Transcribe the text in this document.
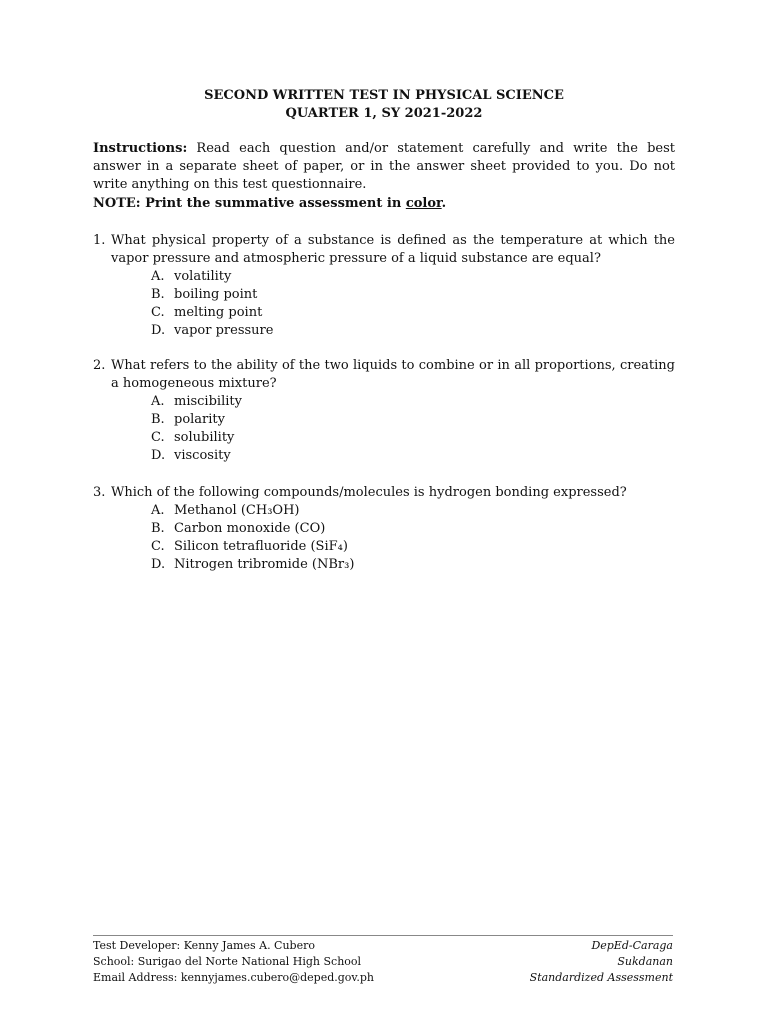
SECOND WRITTEN TEST IN PHYSICAL SCIENCE
QUARTER 1, SY 2021-2022
Instructions: Read each question and/or statement carefully and write the best answer in a separate sheet of paper, or in the answer sheet provided to you. Do not write anything on this test questionnaire.
NOTE: Print the summative assessment in color.
1. What physical property of a substance is defined as the temperature at which the vapor pressure and atmospheric pressure of a liquid substance are equal?
A. volatility
B. boiling point
C. melting point
D. vapor pressure
2. What refers to the ability of the two liquids to combine or in all proportions, creating a homogeneous mixture?
A. miscibility
B. polarity
C. solubility
D. viscosity
3. Which of the following compounds/molecules is hydrogen bonding expressed?
A. Methanol (CH₃OH)
B. Carbon monoxide (CO)
C. Silicon tetrafluoride (SiF₄)
D. Nitrogen tribromide (NBr₃)
Test Developer: Kenny James A. Cubero
School: Surigao del Norte National High School
Email Address: kennyjames.cubero@deped.gov.ph
DepEd-Caraga
Sukdanan
Standardized Assessment
